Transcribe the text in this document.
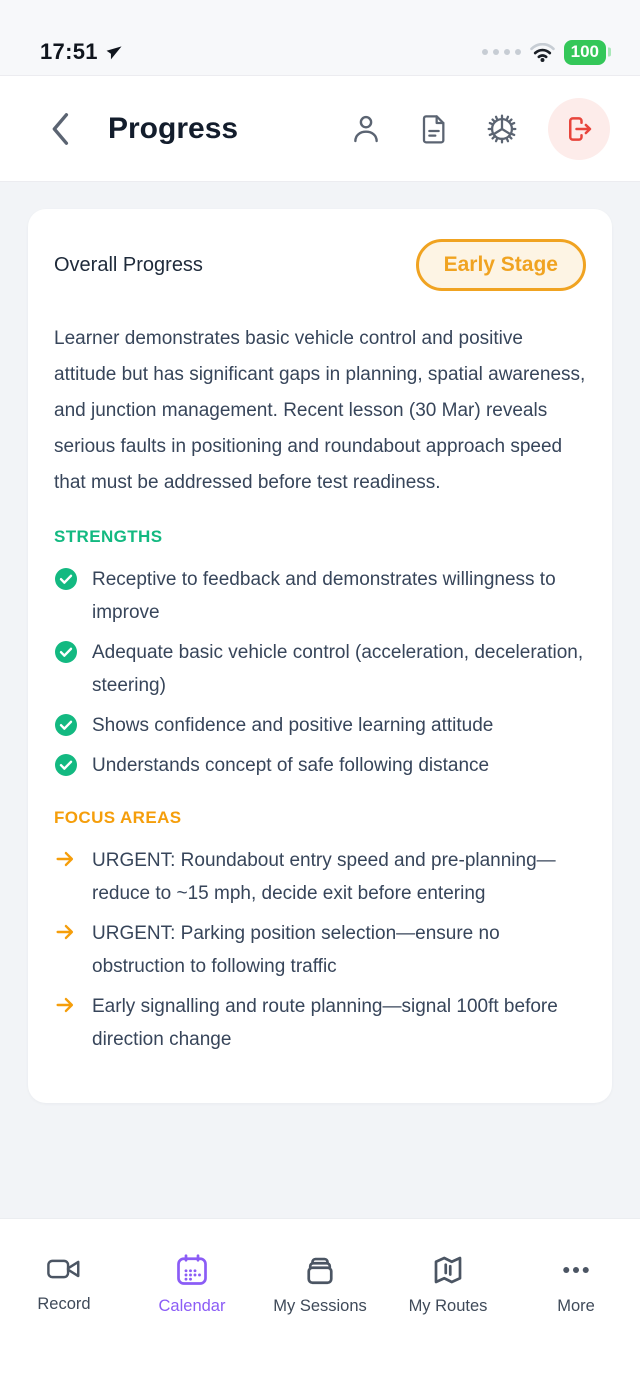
17:51	100
Progress
Overall Progress	Early Stage

Learner demonstrates basic vehicle control and positive attitude but has significant gaps in planning, spatial awareness, and junction management. Recent lesson (30 Mar) reveals serious faults in positioning and roundabout approach speed that must be addressed before test readiness.

STRENGTHS
Receptive to feedback and demonstrates willingness to improve
Adequate basic vehicle control (acceleration, deceleration, steering)
Shows confidence and positive learning attitude
Understands concept of safe following distance
FOCUS AREAS
URGENT: Roundabout entry speed and pre-planning—reduce to ~15 mph, decide exit before entering
URGENT: Parking position selection—ensure no obstruction to following traffic
Early signalling and route planning—signal 100ft before direction change
Record	Calendar	My Sessions	My Routes	More
